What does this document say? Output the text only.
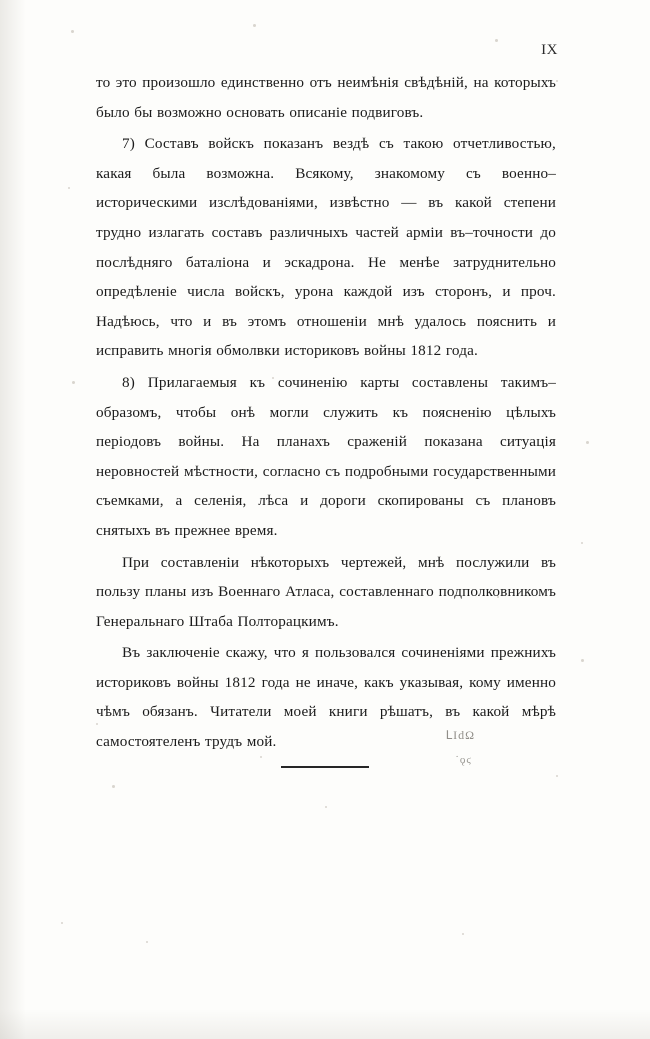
IX

то это произошло единственно отъ неимѣнія свѣдѣній, на которыхъ было бы возможно основать описаніе подвиговъ.

7) Составъ войскъ показанъ вездѣ съ такою отчетливостью, какая была возможна. Всякому, знакомому съ военно–историческими изслѣдованіями, извѣстно — въ какой степени трудно излагать составъ различныхъ частей арміи въ–точности до послѣдняго баталіона и эскадрона. Не менѣе затруднительно опредѣленіе числа войскъ, урона каждой изъ сторонъ, и проч. Надѣюсь, что и въ этомъ отношеніи мнѣ удалось пояснить и исправить многія обмолвки историковъ войны 1812 года.

8) Прилагаемыя къ сочиненію карты составлены такимъ–образомъ, чтобы онѣ могли служить къ поясненію цѣлыхъ періодовъ войны. На планахъ сраженій показана ситуація неровностей мѣстности, согласно съ подробными государственными съемками, а селенія, лѣса и дороги скопированы съ плановъ снятыхъ въ прежнее время.

При составленіи нѣкоторыхъ чертежей, мнѣ послужили въ пользу планы изъ Военнаго Атласа, составленнаго подполковникомъ Генеральнаго Штаба Полторацкимъ.

Въ заключеніе скажу, что я пользовался сочиненіями прежнихъ историковъ войны 1812 года не иначе, какъ указывая, кому именно чѣмъ обязанъ. Читатели моей книги рѣшатъ, въ какой мѣрѣ самостоятеленъ трудъ мой.	ԼIdΩ
˙ǫϛ
